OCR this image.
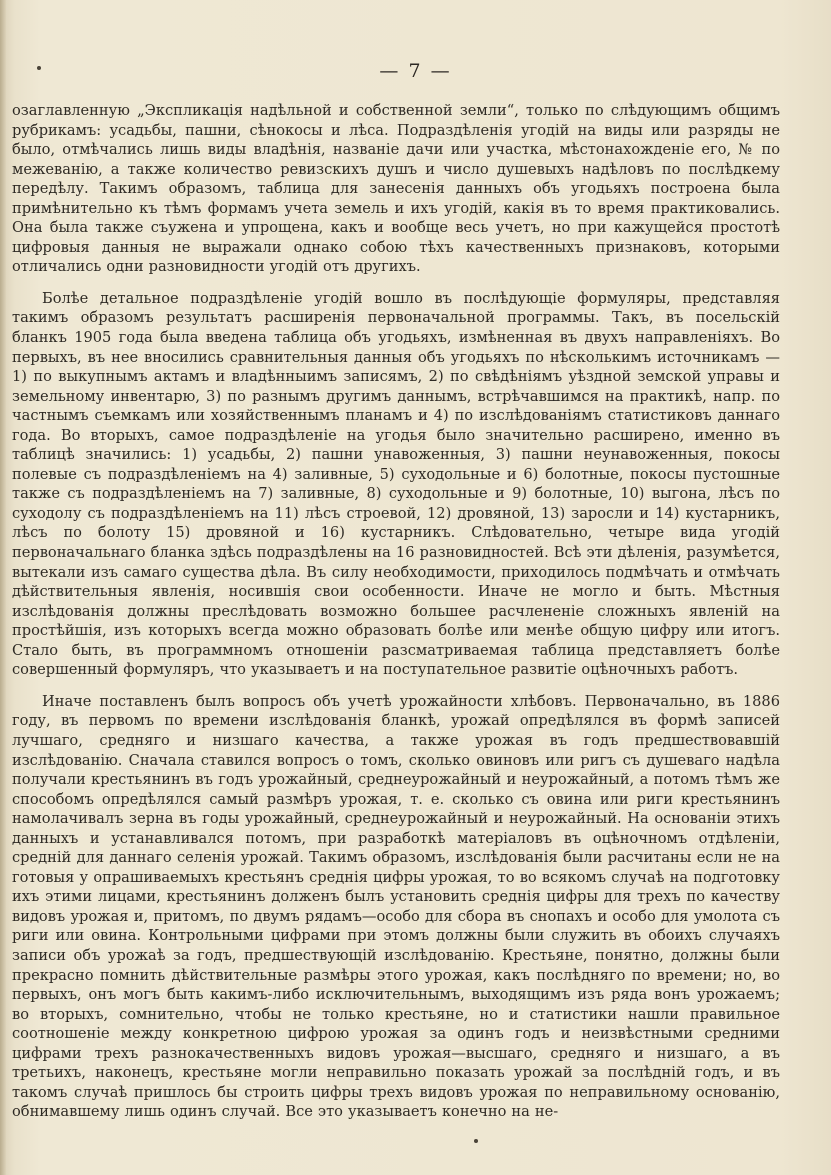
— 7 —

озаглавленную „Экспликація надѣльной и собственной земли“, только по слѣдующимъ общимъ рубрикамъ: усадьбы, пашни, сѣнокосы и лѣса. Подраздѣленія угодій на виды или разряды не было, отмѣчались лишь виды владѣнія, названіе дачи или участка, мѣстонахожденіе его, № по межеванію, а также количество ревизскихъ душъ и число душевыхъ надѣловъ по послѣдкему передѣлу. Такимъ образомъ, таблица для занесенія данныхъ объ угодьяхъ построена была примѣнительно къ тѣмъ формамъ учета земель и ихъ угодій, какія въ то время практиковались. Она была также съужена и упрощена, какъ и вообще весь учетъ, но при кажущейся простотѣ цифровыя данныя не выражали однако собою тѣхъ качественныхъ признаковъ, которыми отличались одни разновидности угодій отъ другихъ.

Болѣе детальное подраздѣленіе угодій вошло въ послѣдующіе формуляры, представляя такимъ образомъ результатъ расширенія первоначальной программы. Такъ, въ посельскій бланкъ 1905 года была введена таблица объ угодьяхъ, измѣненная въ двухъ направленіяхъ. Во первыхъ, въ нее вносились сравнительныя данныя объ угодьяхъ по нѣсколькимъ источникамъ — 1) по выкупнымъ актамъ и владѣнныимъ записямъ, 2) по свѣдѣніямъ уѣздной земской управы и земельному инвентарю, 3) по разнымъ другимъ даннымъ, встрѣчавшимся на практикѣ, напр. по частнымъ съемкамъ или хозяйственнымъ планамъ и 4) по изслѣдованіямъ статистиковъ даннаго года. Во вторыхъ, самое подраздѣленіе на угодья было значительно расширено, именно въ таблицѣ значились: 1) усадьбы, 2) пашни унавоженныя, 3) пашни неунавоженныя, покосы полевые съ подраздѣленіемъ на 4) заливные, 5) суходольные и 6) болотные, покосы пустошные также съ подраздѣленіемъ на 7) заливные, 8) суходольные и 9) болотные, 10) выгона, лѣсъ по суходолу съ подраздѣленіемъ на 11) лѣсъ строевой, 12) дровяной, 13) заросли и 14) кустарникъ, лѣсъ по болоту 15) дровяной и 16) кустарникъ. Слѣдовательно, четыре вида угодій первоначальнаго бланка здѣсь подраздѣлены на 16 разновидностей. Всѣ эти дѣленія, разумѣется, вытекали изъ самаго существа дѣла. Въ силу необходимости, приходилось подмѣчать и отмѣчать дѣйствительныя явленія, носившія свои особенности. Иначе не могло и быть. Мѣстныя изслѣдованія должны преслѣдовать возможно большее расчлененіе сложныхъ явленій на простѣйшія, изъ которыхъ всегда можно образовать болѣе или менѣе общую цифру или итогъ. Стало быть, въ программномъ отношеніи разсматриваемая таблица представляетъ болѣе совершенный формуляръ, что указываетъ и на поступательное развитіе оцѣночныхъ работъ.

Иначе поставленъ былъ вопросъ объ учетѣ урожайности хлѣбовъ. Первоначально, въ 1886 году, въ первомъ по времени изслѣдованія бланкѣ, урожай опредѣлялся въ формѣ записей лучшаго, средняго и низшаго качества, а также урожая въ годъ предшествовавшій изслѣдованію. Сначала ставился вопросъ о томъ, сколько овиновъ или ригъ съ душеваго надѣла получали крестьянинъ въ годъ урожайный, среднеурожайный и неурожайный, а потомъ тѣмъ же способомъ опредѣлялся самый размѣръ урожая, т. е. сколько съ овина или риги крестьянинъ намолачивалъ зерна въ годы урожайный, среднеурожайный и неурожайный. На основаніи этихъ данныхъ и устанавливался потомъ, при разработкѣ матеріаловъ въ оцѣночномъ отдѣленіи, средній для даннаго селенія урожай. Такимъ образомъ, изслѣдованія были расчитаны если не на готовыя у опрашиваемыхъ крестьянъ среднія цифры урожая, то во всякомъ случаѣ на подготовку ихъ этими лицами, крестьянинъ долженъ былъ установить среднія цифры для трехъ по качеству видовъ урожая и, притомъ, по двумъ рядамъ—особо для сбора въ снопахъ и особо для умолота съ риги или овина. Контрольными цифрами при этомъ должны были служить въ обоихъ случаяхъ записи объ урожаѣ за годъ, предшествующій изслѣдованію. Крестьяне, понятно, должны были прекрасно помнить дѣйствительные размѣры этого урожая, какъ послѣдняго по времени; но, во первыхъ, онъ могъ быть какимъ-либо исключительнымъ, выходящимъ изъ ряда вонъ урожаемъ; во вторыхъ, сомнительно, чтобы не только крестьяне, но и статистики нашли правильное соотношеніе между конкретною цифрою урожая за одинъ годъ и неизвѣстными средними цифрами трехъ разнокачественныхъ видовъ урожая—высшаго, средняго и низшаго, а въ третьихъ, наконецъ, крестьяне могли неправильно показать урожай за послѣдній годъ, и въ такомъ случаѣ пришлось бы строить цифры трехъ видовъ урожая по неправильному основанію, обнимавшему лишь одинъ случай. Все это указываетъ конечно на не-
